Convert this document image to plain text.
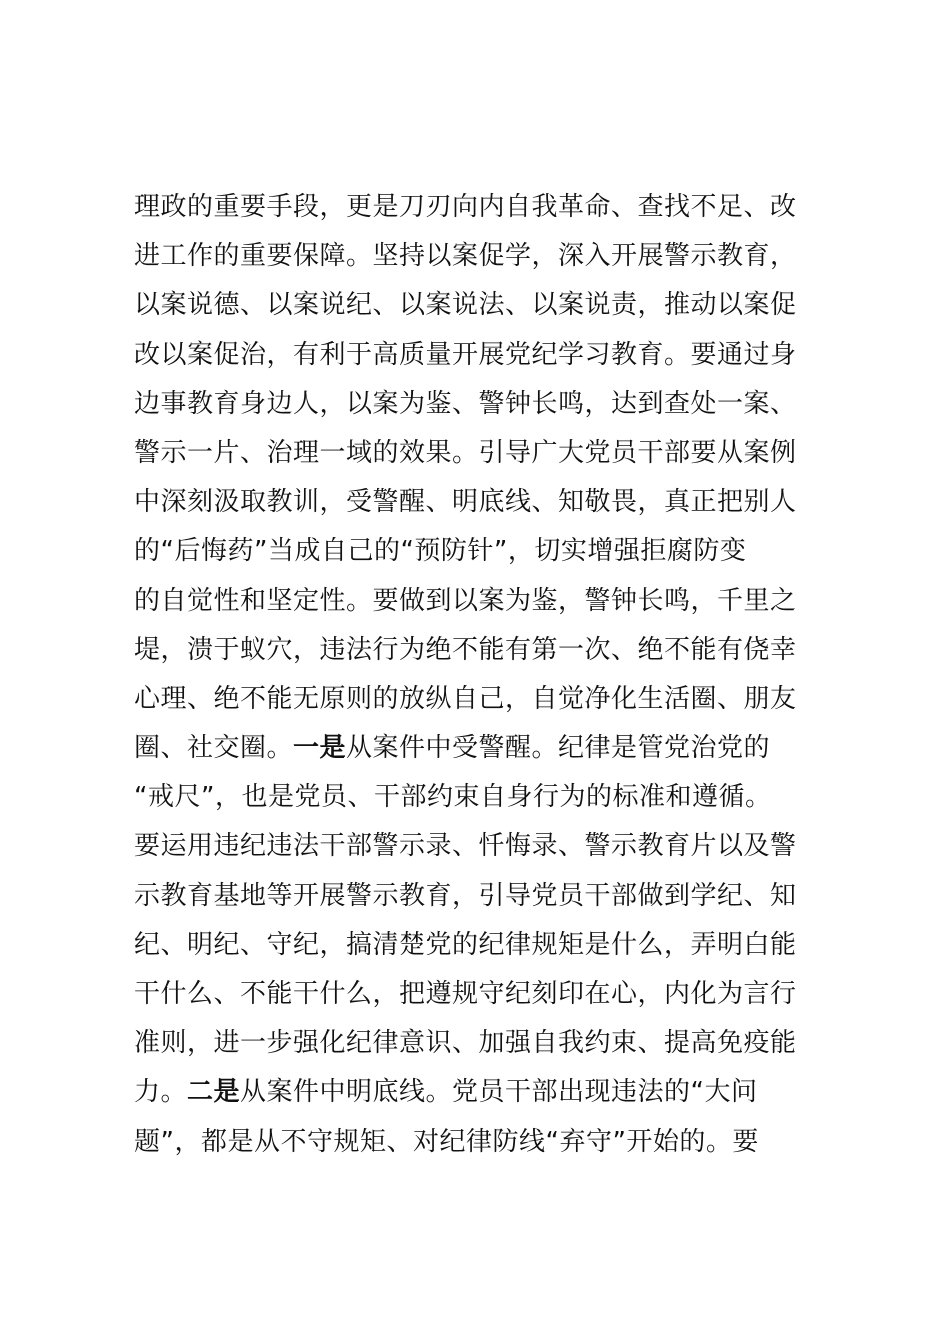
理政的重要手段，更是刀刃向内自我革命、查找不足、改
进工作的重要保障。坚持以案促学，深入开展警示教育，
以案说德、以案说纪、以案说法、以案说责，推动以案促
改以案促治，有利于高质量开展党纪学习教育。要通过身
边事教育身边人，以案为鉴、警钟长鸣，达到查处一案、
警示一片、治理一域的效果。引导广大党员干部要从案例
中深刻汲取教训，受警醒、明底线、知敬畏，真正把别人
的“后悔药”当成自己的“预防针”，切实增强拒腐防变
的自觉性和坚定性。要做到以案为鉴，警钟长鸣，千里之
堤，溃于蚁穴，违法行为绝不能有第一次、绝不能有侥幸
心理、绝不能无原则的放纵自己，自觉净化生活圈、朋友
圈、社交圈。一是从案件中受警醒。纪律是管党治党的
“戒尺”，也是党员、干部约束自身行为的标准和遵循。
要运用违纪违法干部警示录、忏悔录、警示教育片以及警
示教育基地等开展警示教育，引导党员干部做到学纪、知
纪、明纪、守纪，搞清楚党的纪律规矩是什么，弄明白能
干什么、不能干什么，把遵规守纪刻印在心，内化为言行
准则，进一步强化纪律意识、加强自我约束、提高免疫能
力。二是从案件中明底线。党员干部出现违法的“大问
题”，都是从不守规矩、对纪律防线“弃守”开始的。要
